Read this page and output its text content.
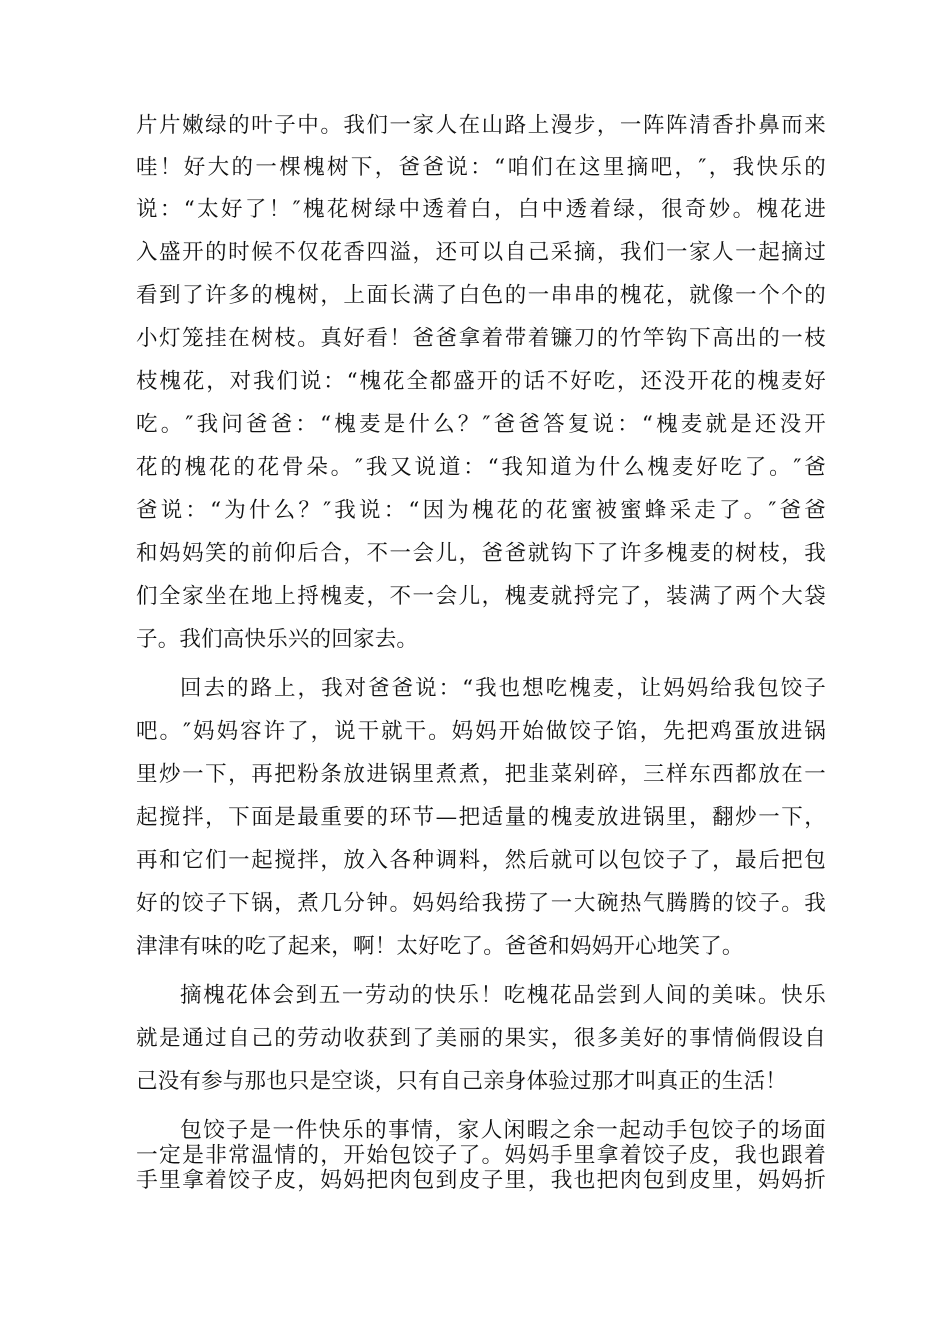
片片嫩绿的叶子中。我们一家人在山路上漫步，一阵阵清香扑鼻而来
哇！好大的一棵槐树下，爸爸说：“咱们在这里摘吧，″，我快乐的
说：“太好了！″槐花树绿中透着白，白中透着绿，很奇妙。槐花进
入盛开的时候不仅花香四溢，还可以自己采摘，我们一家人一起摘过
看到了许多的槐树，上面长满了白色的一串串的槐花，就像一个个的
小灯笼挂在树枝。真好看！爸爸拿着带着镰刀的竹竿钩下高出的一枝
枝槐花，对我们说：“槐花全都盛开的话不好吃，还没开花的槐麦好
吃。″我问爸爸：“槐麦是什么？″爸爸答复说：“槐麦就是还没开
花的槐花的花骨朵。″我又说道：“我知道为什么槐麦好吃了。″爸
爸说：“为什么？″我说：“因为槐花的花蜜被蜜蜂采走了。″爸爸
和妈妈笑的前仰后合，不一会儿，爸爸就钩下了许多槐麦的树枝，我
们全家坐在地上捋槐麦，不一会儿，槐麦就捋完了，装满了两个大袋
子。我们高快乐兴的回家去。
回去的路上，我对爸爸说：“我也想吃槐麦，让妈妈给我包饺子
吧。″妈妈容许了，说干就干。妈妈开始做饺子馅，先把鸡蛋放进锅
里炒一下，再把粉条放进锅里煮煮，把韭菜剁碎，三样东西都放在一
起搅拌，下面是最重要的环节—把适量的槐麦放进锅里，翻炒一下，
再和它们一起搅拌，放入各种调料，然后就可以包饺子了，最后把包
好的饺子下锅，煮几分钟。妈妈给我捞了一大碗热气腾腾的饺子。我
津津有味的吃了起来，啊！太好吃了。爸爸和妈妈开心地笑了。
摘槐花体会到五一劳动的快乐！吃槐花品尝到人间的美味。快乐
就是通过自己的劳动收获到了美丽的果实，很多美好的事情倘假设自
己没有参与那也只是空谈，只有自己亲身体验过那才叫真正的生活！
包饺子是一件快乐的事情，家人闲暇之余一起动手包饺子的场面
一定是非常温情的，开始包饺子了。妈妈手里拿着饺子皮，我也跟着
手里拿着饺子皮，妈妈把肉包到皮子里，我也把肉包到皮里，妈妈折
